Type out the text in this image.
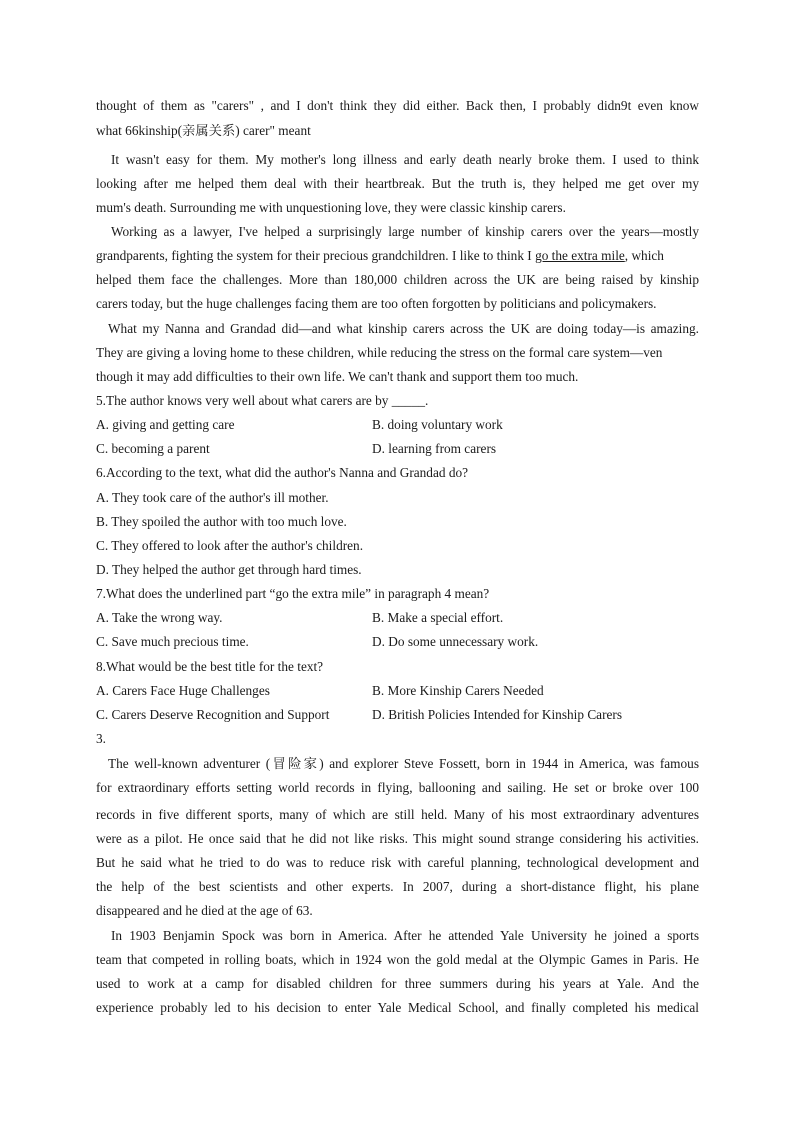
thought of them as "carers" , and I don't think they did either. Back then, I probably didn9t even know
what 66kinship(亲属关系) carer" meant
It wasn't easy for them. My mother's long illness and early death nearly broke them. I used to think
looking after me helped them deal with their heartbreak. But the truth is, they helped me get over my
mum's death. Surrounding me with unquestioning love, they were classic kinship carers.
Working as a lawyer, I've helped a surprisingly large number of kinship carers over the years—mostly
grandparents, fighting the system for their precious grandchildren. I like to think I go the extra mile, which
helped them face the challenges. More than 180,000 children across the UK are being raised by kinship
carers today, but the huge challenges facing them are too often forgotten by politicians and policymakers.
What my Nanna and Grandad did—and what kinship carers across the UK are doing today—is amazing.
They are giving a loving home to these children, while reducing the stress on the formal care system—ven
though it may add difficulties to their own life. We can't thank and support them too much.
5.The author knows very well about what carers are by _____.
A. giving and getting care	B. doing voluntary work
C. becoming a parent	D. learning from carers
6.According to the text, what did the author's Nanna and Grandad do?
A. They took care of the author's ill mother.
B. They spoiled the author with too much love.
C. They offered to look after the author's children.
D. They helped the author get through hard times.
7.What does the underlined part “go the extra mile” in paragraph 4 mean?
A. Take the wrong way.	B. Make a special effort.
C. Save much precious time.	D. Do some unnecessary work.
8.What would be the best title for the text?
A. Carers Face Huge Challenges	B. More Kinship Carers Needed
C. Carers Deserve Recognition and Support	D. British Policies Intended for Kinship Carers
3.
The well-known adventurer (冒险家) and explorer Steve Fossett, born in 1944 in America, was famous
for extraordinary efforts setting world records in flying, ballooning and sailing. He set or broke over 100
records in five different sports, many of which are still held. Many of his most extraordinary adventures
were as a pilot. He once said that he did not like risks. This might sound strange considering his activities.
But he said what he tried to do was to reduce risk with careful planning, technological development and
the help of the best scientists and other experts. In 2007, during a short-distance flight, his plane
disappeared and he died at the age of 63.
In 1903 Benjamin Spock was born in America. After he attended Yale University he joined a sports
team that competed in rolling boats, which in 1924 won the gold medal at the Olympic Games in Paris. He
used to work at a camp for disabled children for three summers during his years at Yale. And the
experience probably led to his decision to enter Yale Medical School, and finally completed his medical
